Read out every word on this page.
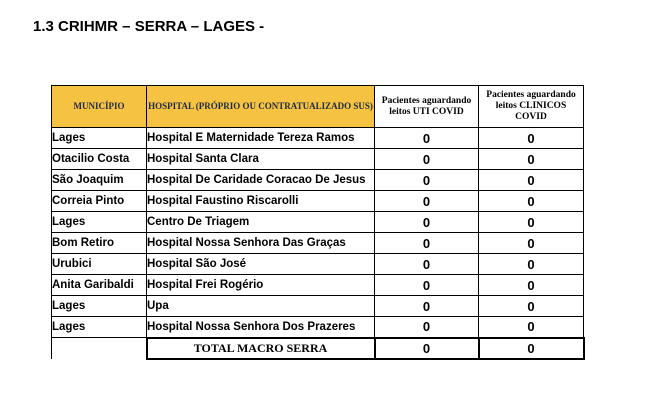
1.3 CRIHMR – SERRA – LAGES -
MUNICÍPIO	HOSPITAL (PRÓPRIO OU CONTRATUALIZADO SUS)	Pacientes aguardando leitos UTI COVID	Pacientes aguardando leitos CLINICOS COVID
Lages	Hospital E Maternidade Tereza Ramos	0	0
Otacilio Costa	Hospital Santa Clara	0	0
São Joaquim	Hospital De Caridade Coracao De Jesus	0	0
Correia Pinto	Hospital Faustino Riscarolli	0	0
Lages	Centro De Triagem	0	0
Bom Retiro	Hospital Nossa Senhora Das Graças	0	0
Urubici	Hospital São José	0	0
Anita Garibaldi	Hospital Frei Rogério	0	0
Lages	Upa	0	0
Lages	Hospital Nossa Senhora Dos Prazeres	0	0
	TOTAL MACRO SERRA	0	0
